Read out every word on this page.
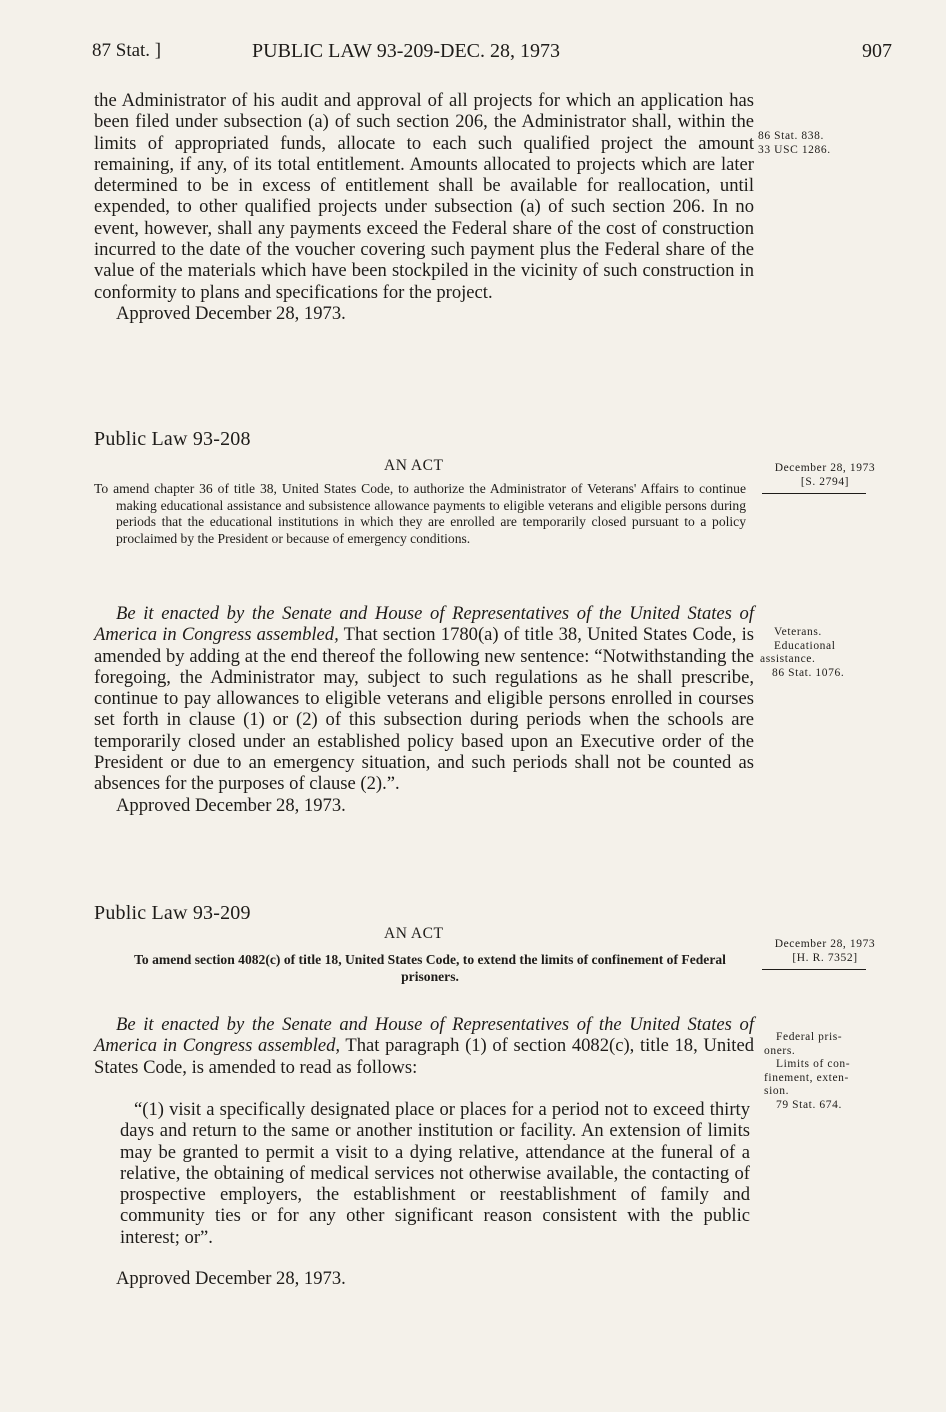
87 Stat. ]	PUBLIC LAW 93-209-DEC. 28, 1973	907

the Administrator of his audit and approval of all projects for which an application has been filed under subsection (a) of such section 206, the Administrator shall, within the limits of appropriated funds, allocate to each such qualified project the amount remaining, if any, of its total entitlement. Amounts allocated to projects which are later determined to be in excess of entitlement shall be available for reallocation, until expended, to other qualified projects under subsection (a) of such section 206. In no event, however, shall any payments exceed the Federal share of the cost of construction incurred to the date of the voucher covering such payment plus the Federal share of the value of the materials which have been stockpiled in the vicinity of such construction in conformity to plans and specifications for the project.

Approved December 28, 1973.

86 Stat. 838.
33 USC 1286.
Public Law 93-208
AN ACT	December 28, 1973
[S. 2794]

To amend chapter 36 of title 38, United States Code, to authorize the Administrator of Veterans' Affairs to continue making educational assistance and subsistence allowance payments to eligible veterans and eligible persons during periods that the educational institutions in which they are enrolled are temporarily closed pursuant to a policy proclaimed by the President or because of emergency conditions.

Be it enacted by the Senate and House of Representatives of the United States of America in Congress assembled, That section 1780(a) of title 38, United States Code, is amended by adding at the end thereof the following new sentence: “Notwithstanding the foregoing, the Administrator may, subject to such regulations as he shall prescribe, continue to pay allowances to eligible veterans and eligible persons enrolled in courses set forth in clause (1) or (2) of this subsection during periods when the schools are temporarily closed under an established policy based upon an Executive order of the President or due to an emergency situation, and such periods shall not be counted as absences for the purposes of clause (2).”.

Approved December 28, 1973.

Veterans.
Educational
assistance.
86 Stat. 1076.
Public Law 93-209
AN ACT
December 28, 1973
[H. R. 7352]

To amend section 4082(c) of title 18, United States Code, to extend the limits of confinement of Federal prisoners.

Be it enacted by the Senate and House of Representatives of the United States of America in Congress assembled, That paragraph (1) of section 4082(c), title 18, United States Code, is amended to read as follows:

“(1) visit a specifically designated place or places for a period not to exceed thirty days and return to the same or another institution or facility. An extension of limits may be granted to permit a visit to a dying relative, attendance at the funeral of a relative, the obtaining of medical services not otherwise available, the contacting of prospective employers, the establishment or reestablishment of family and community ties or for any other significant reason consistent with the public interest; or”.

Approved December 28, 1973.

Federal pris-
oners.
Limits of con-
finement, exten-
sion.
79 Stat. 674.
